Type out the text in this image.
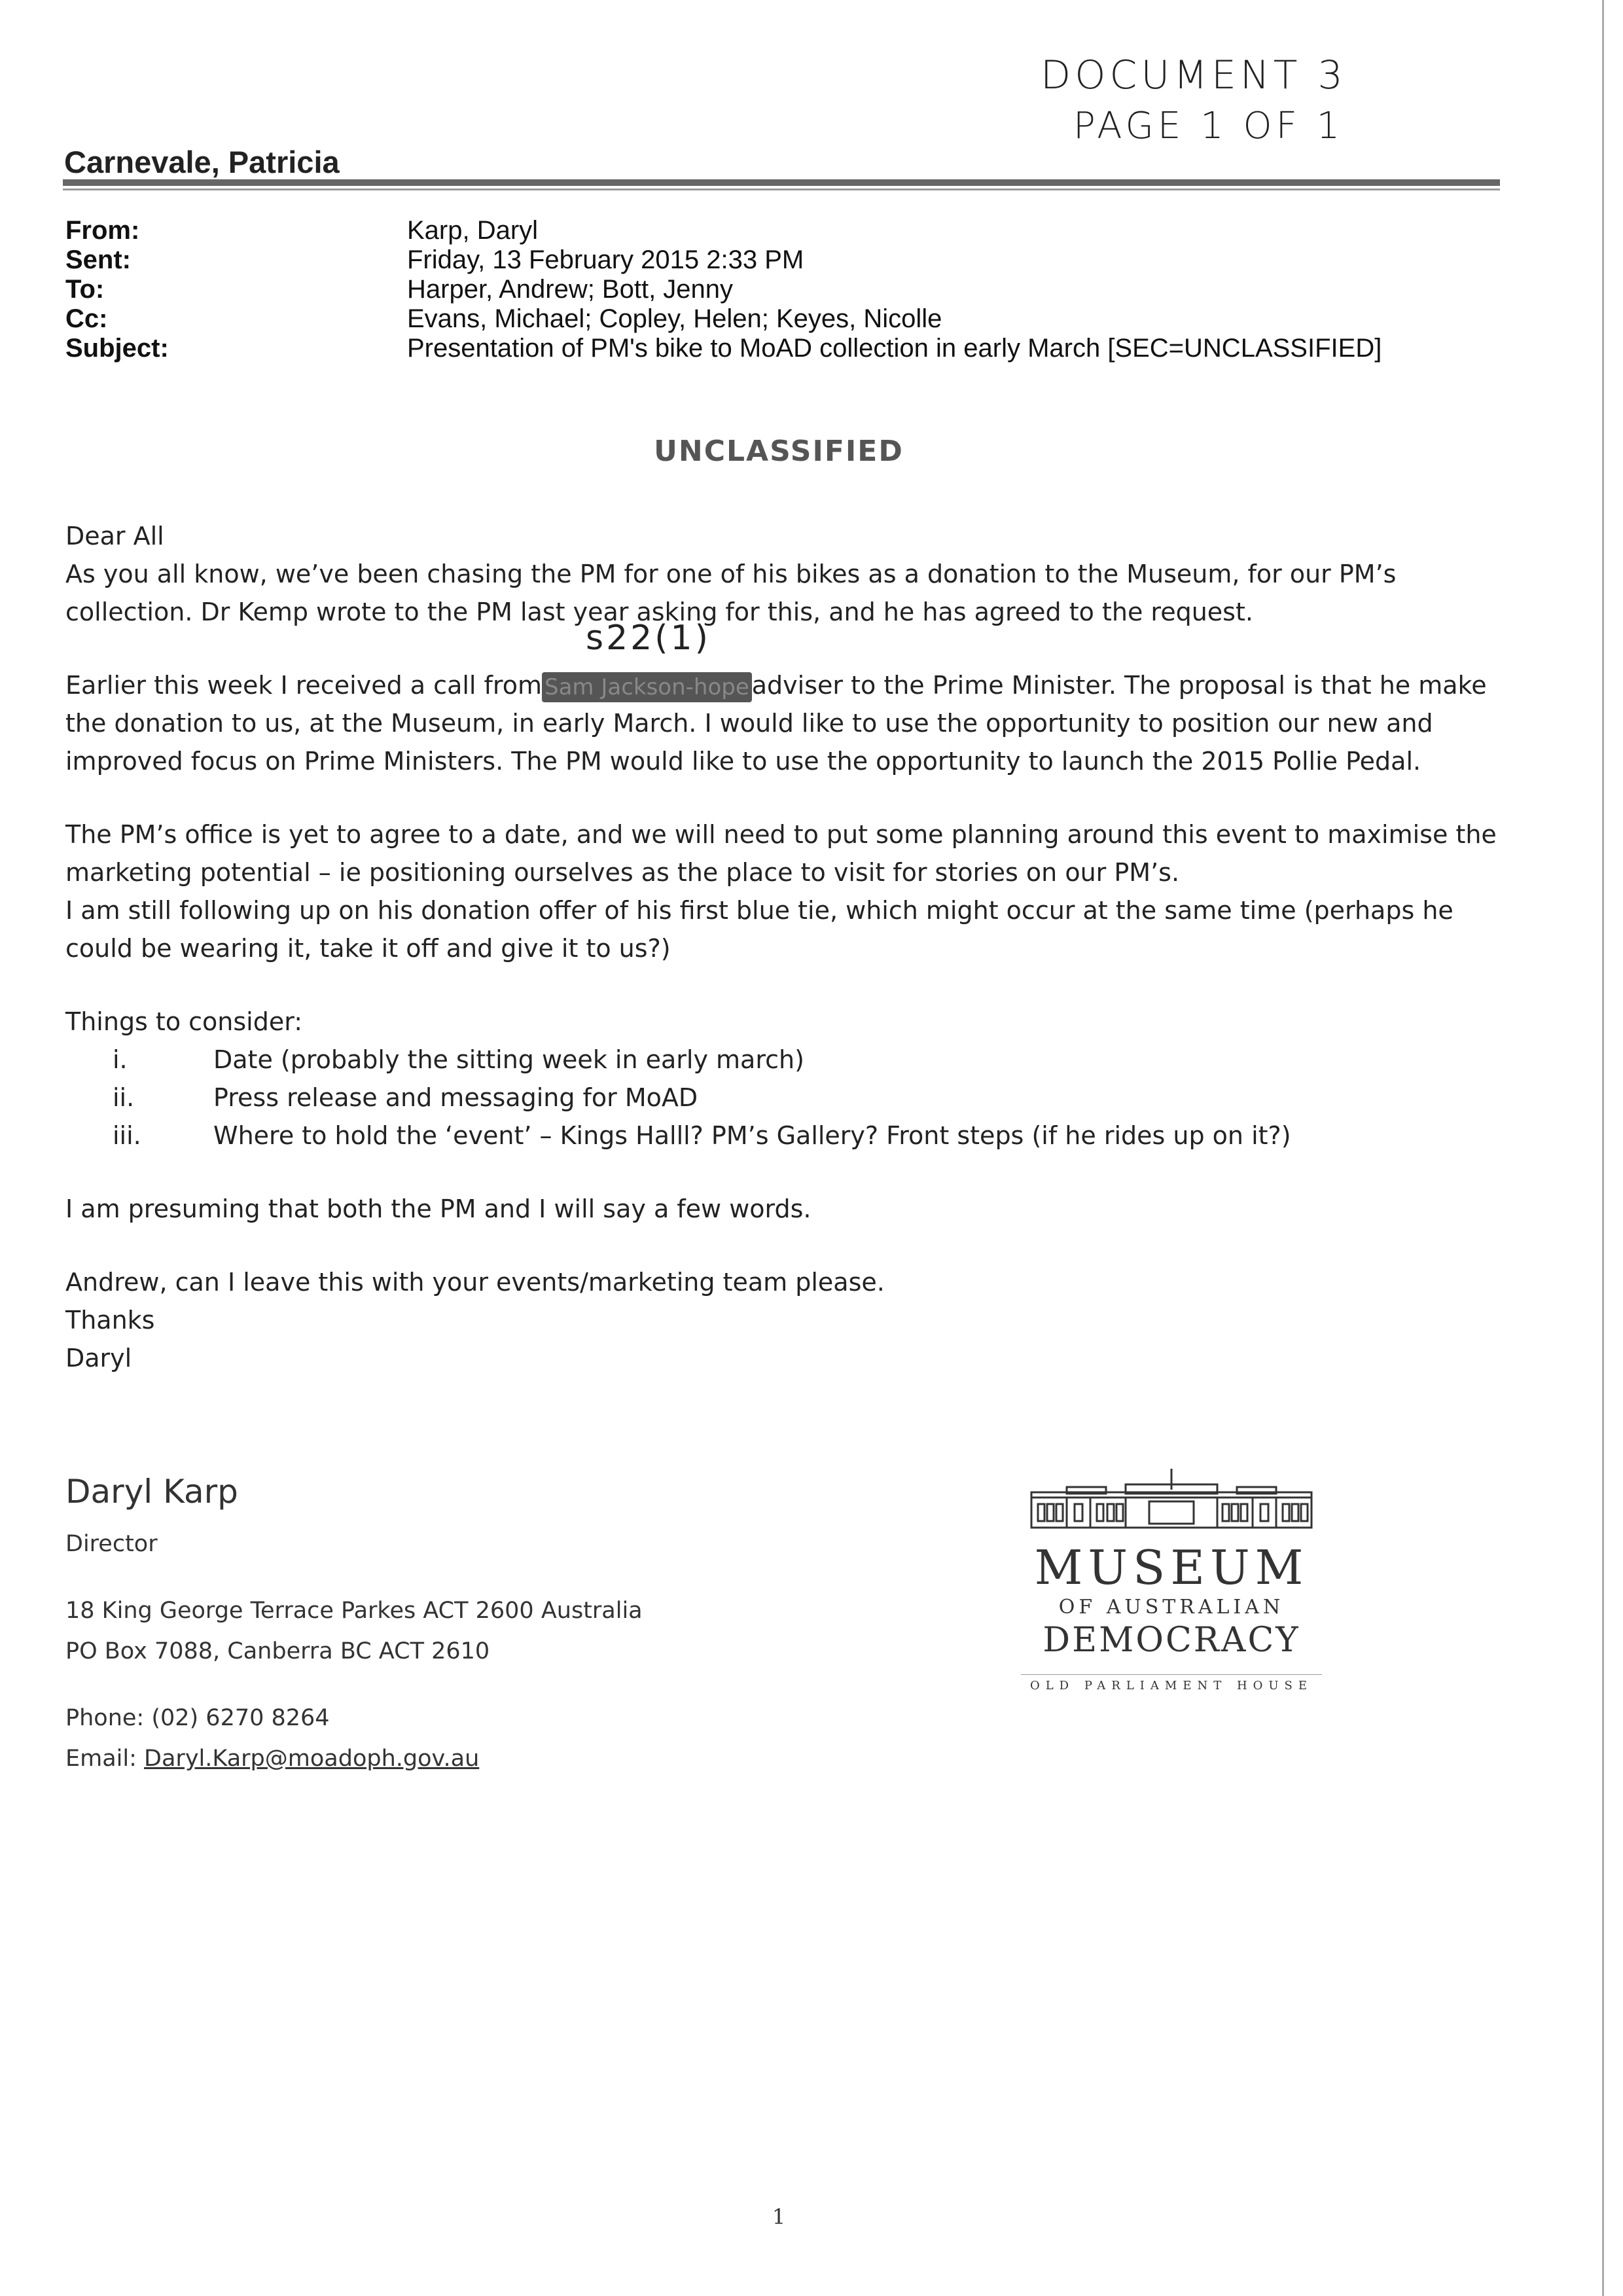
DOCUMENT 3
PAGE 1 OF 1
Carnevale, Patricia
From:	Karp, Daryl
Sent:	Friday, 13 February 2015 2:33 PM
To:	Harper, Andrew; Bott, Jenny
Cc:	Evans, Michael; Copley, Helen; Keyes, Nicolle
Subject:	Presentation of PM's bike to MoAD collection in early March [SEC=UNCLASSIFIED]
UNCLASSIFIED
s22(1)
Dear All
As you all know, we’ve been chasing the PM for one of his bikes as a donation to the Museum, for our PM’s
collection. Dr Kemp wrote to the PM last year asking for this, and he has agreed to the request.
Earlier this week I received a call from Sam Jackson-hope adviser to the Prime Minister. The proposal is that he make
the donation to us, at the Museum, in early March. I would like to use the opportunity to position our new and
improved focus on Prime Ministers. The PM would like to use the opportunity to launch the 2015 Pollie Pedal.
The PM’s office is yet to agree to a date, and we will need to put some planning around this event to maximise the
marketing potential – ie positioning ourselves as the place to visit for stories on our PM’s.
I am still following up on his donation offer of his first blue tie, which might occur at the same time (perhaps he
could be wearing it, take it off and give it to us?)
Things to consider:
i.	Date (probably the sitting week in early march)
ii.	Press release and messaging for MoAD
iii.	Where to hold the ‘event’ – Kings Halll? PM’s Gallery? Front steps (if he rides up on it?)
I am presuming that both the PM and I will say a few words.
Andrew, can I leave this with your events/marketing team please.
Thanks
Daryl
Daryl Karp
Director
18 King George Terrace Parkes ACT 2600 Australia
PO Box 7088, Canberra BC ACT 2610
Phone: (02) 6270 8264
Email: Daryl.Karp@moadoph.gov.au
MUSEUM
OF AUSTRALIAN
DEMOCRACY
OLD PARLIAMENT HOUSE
1
